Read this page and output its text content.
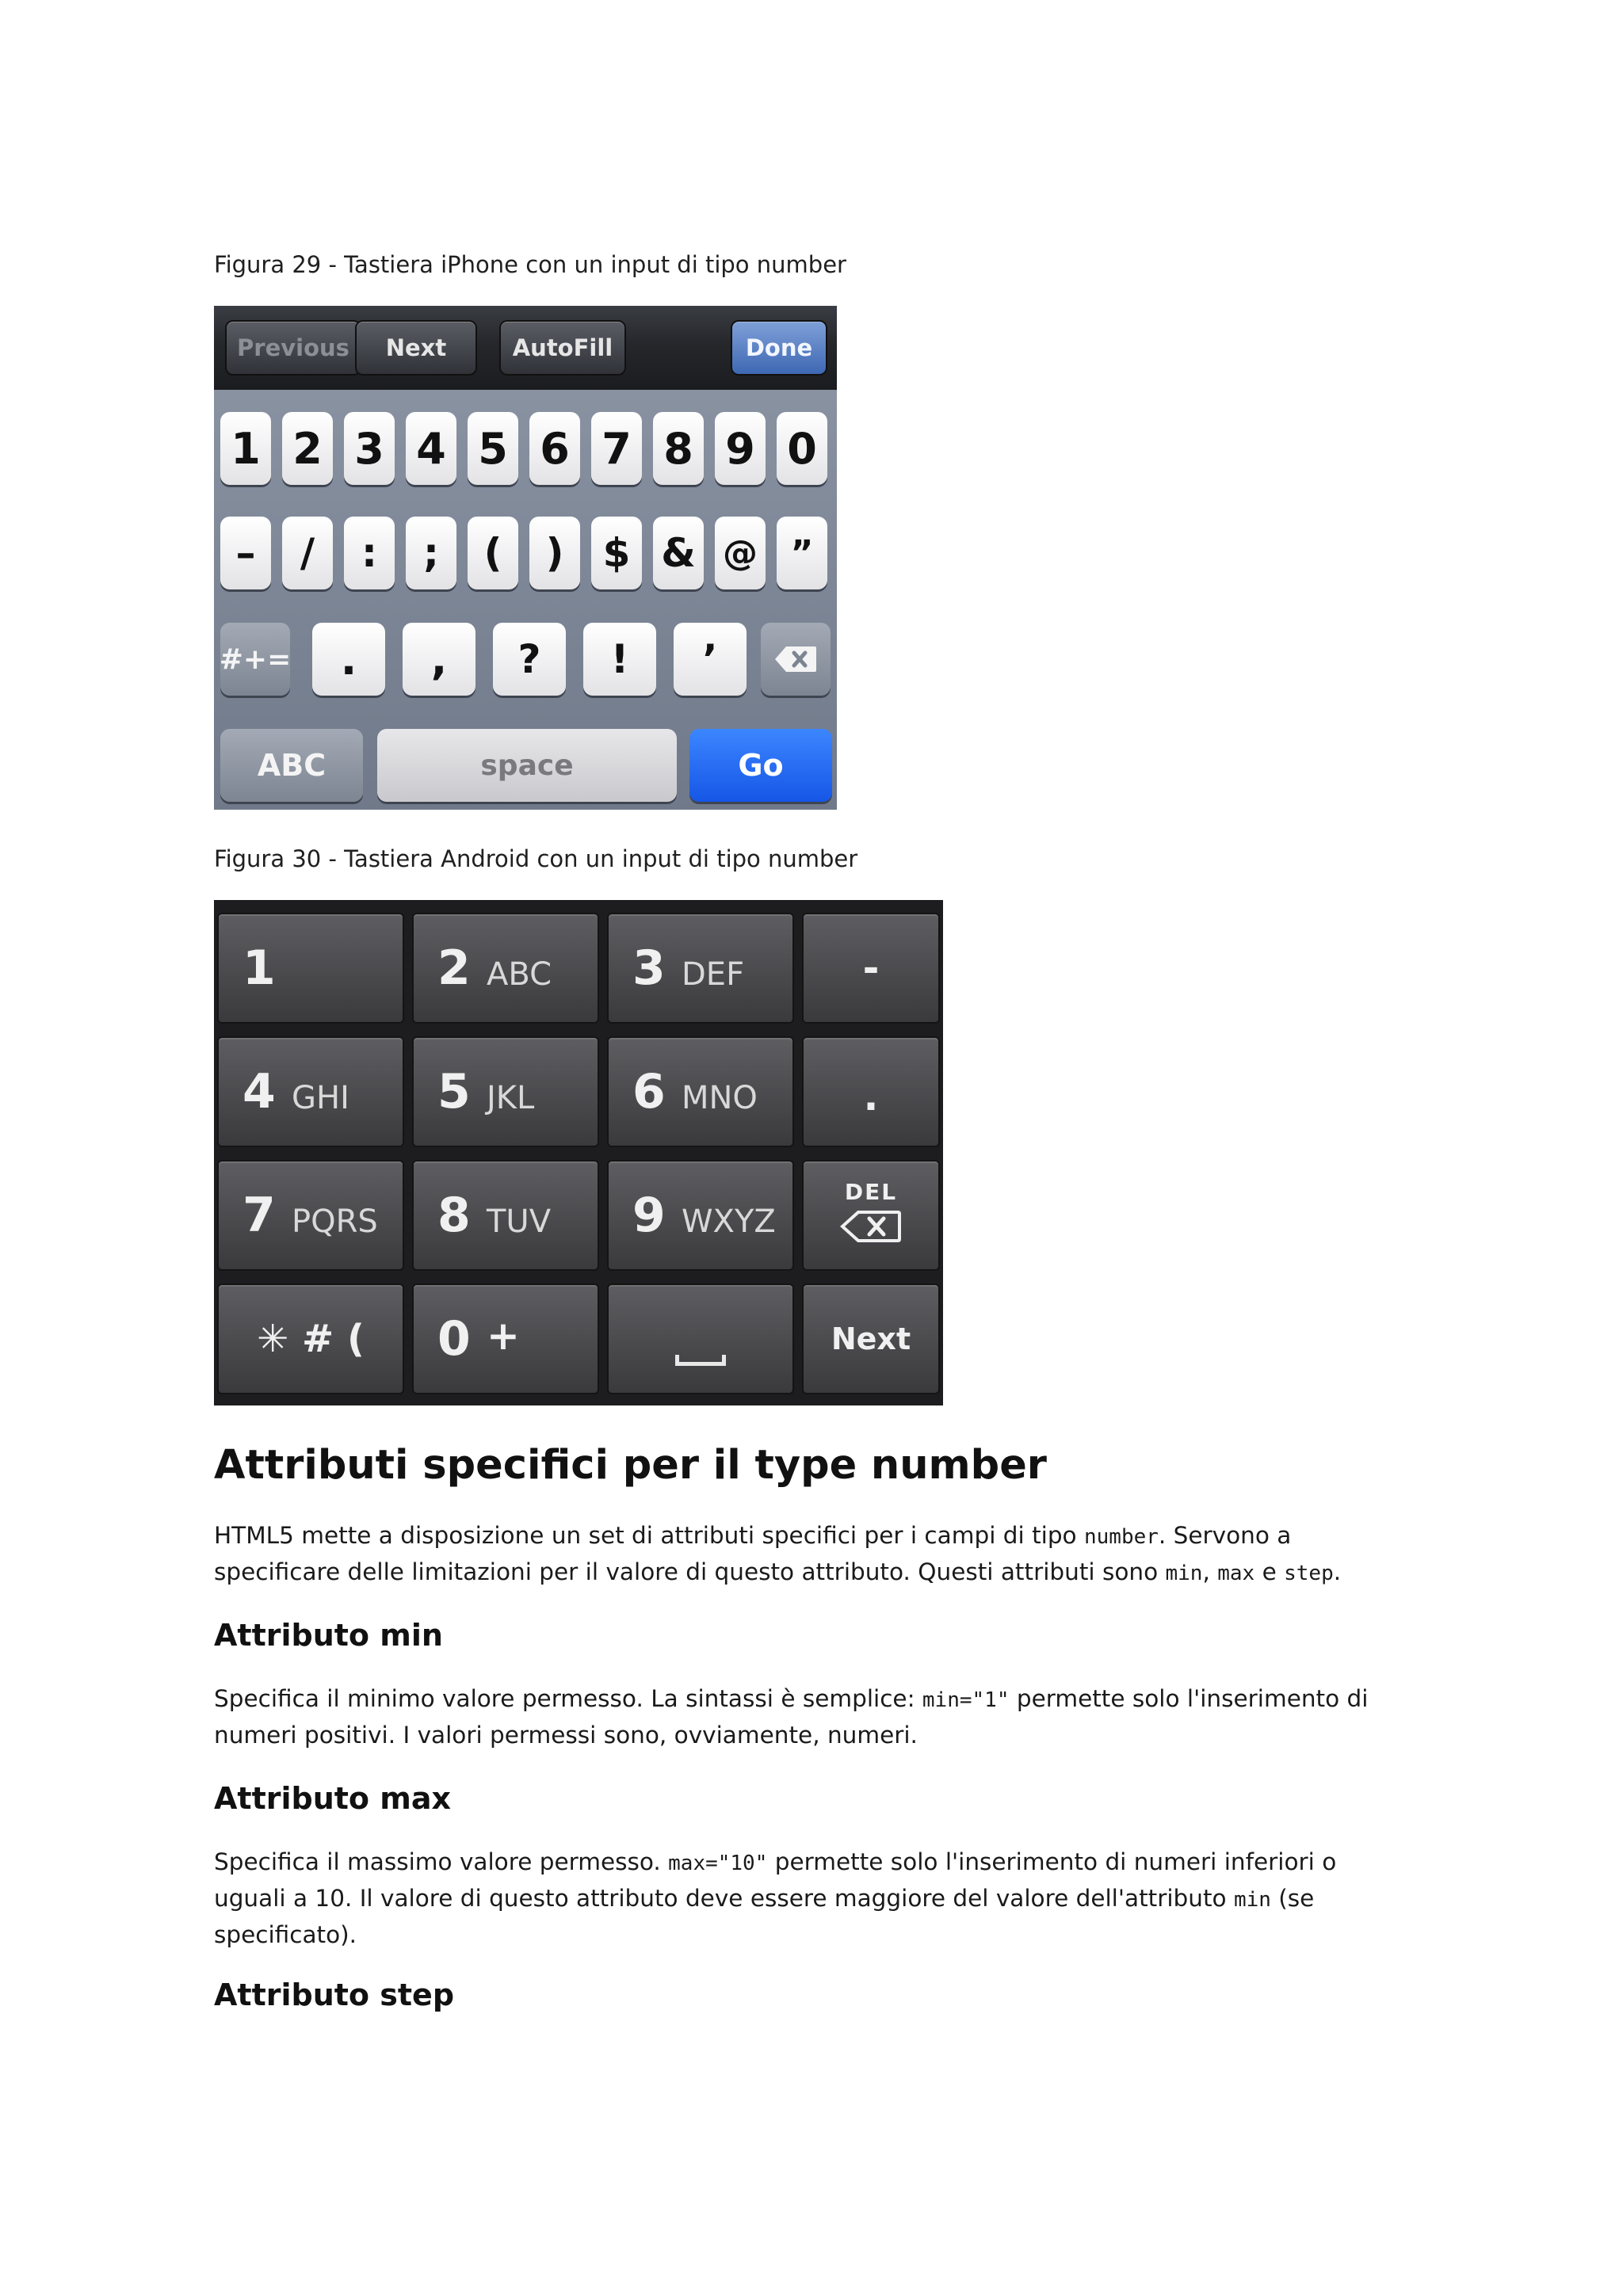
Figura 29 - Tastiera iPhone con un input di tipo number
Previous	Next	AutoFill	Done
1 2 3 4 5 6 7 8 9 0
–	/	:	;	(	) $ & @ ”
#+=	.	,	?	!	’
ABC	space	Go
Figura 30 - Tastiera Android con un input di tipo number
1	2 ABC 3 DEF	-
4 GHI 5 JKL 6 MNO	.
7 PQRS 8 TUV 9 WXYZ
DEL
✳ # (	0 +	Next
Attributi specifici per il type number

HTML5 mette a disposizione un set di attributi specifici per i campi di tipo number. Servono a specificare delle limitazioni per il valore di questo attributo. Questi attributi sono min, max e step.

Attributo min

Specifica il minimo valore permesso. La sintassi è semplice: min="1" permette solo l'inserimento di numeri positivi. I valori permessi sono, ovviamente, numeri.

Attributo max

Specifica il massimo valore permesso. max="10" permette solo l'inserimento di numeri inferiori o uguali a 10. Il valore di questo attributo deve essere maggiore del valore dell'attributo min (se specificato).

Attributo step
